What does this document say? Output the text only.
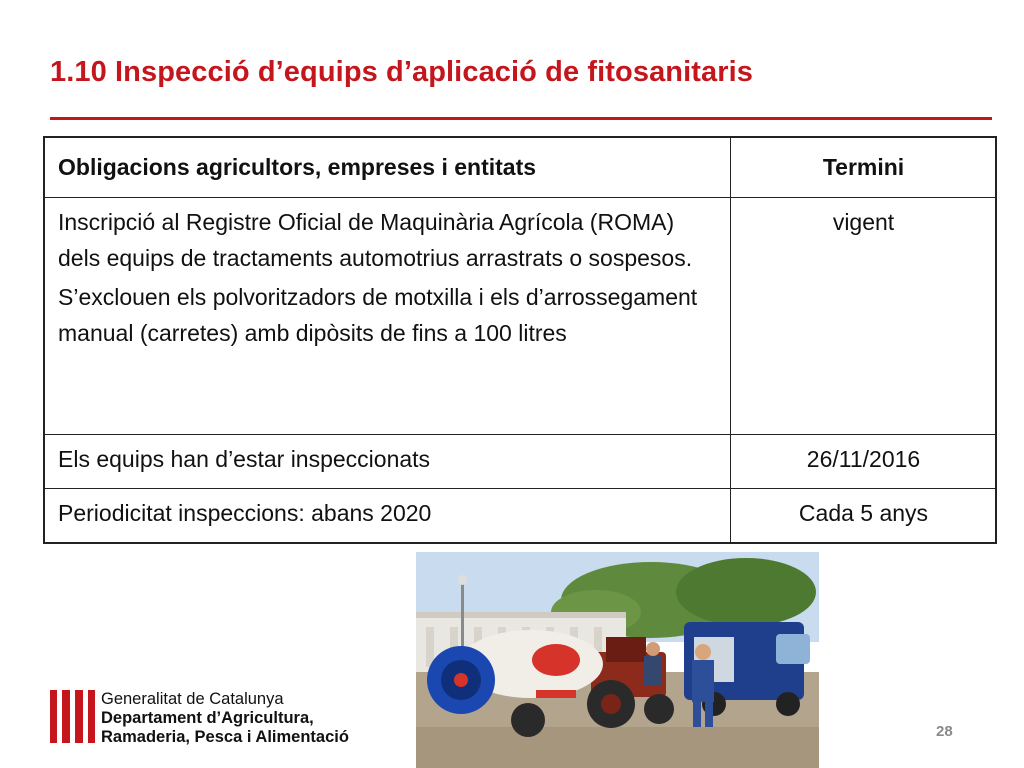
1.10 Inspecció d’equips d’aplicació de fitosanitaris
Obligacions agricultors, empreses i entitats	Termini

Inscripció al Registre Oficial de Maquinària Agrícola (ROMA) dels equips de tractaments automotrius arrastrats o sospesos.

S’exclouen els polvoritzadors de motxilla i els d’arrossegament manual (carretes) amb dipòsits de fins a 100 litres	vigent
Els equips han d’estar inspeccionats	26/11/2016
Periodicitat inspeccions: abans 2020	Cada 5 anys
Generalitat de Catalunya
Departament d’Agricultura,
Ramaderia, Pesca i Alimentació	28
